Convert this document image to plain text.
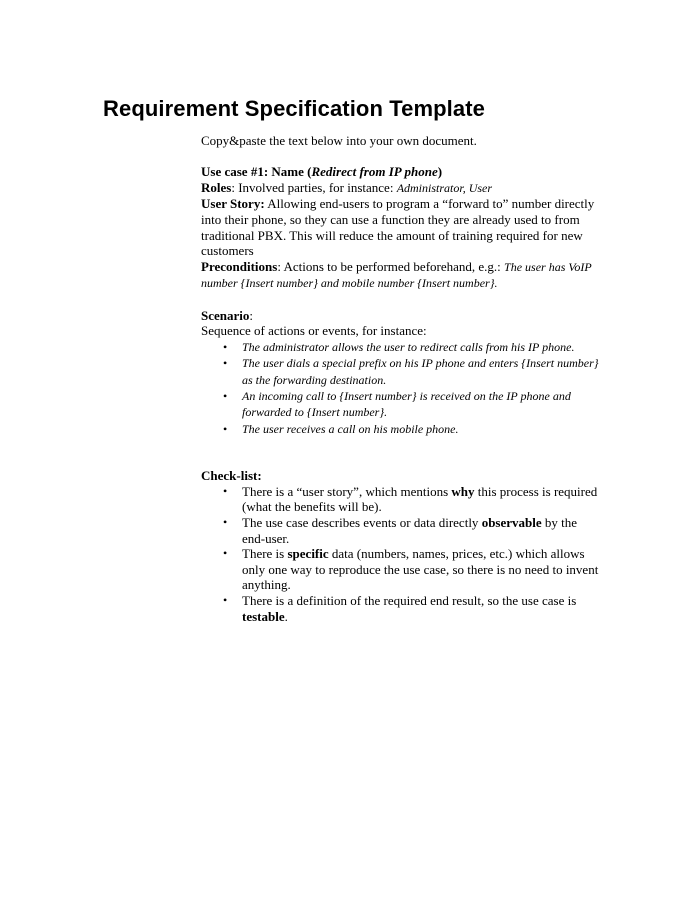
Requirement Specification Template

Copy&paste the text below into your own document.

Use case #1: Name (Redirect from IP phone)

Roles: Involved parties, for instance: Administrator, User

User Story: Allowing end-users to program a “forward to” number directly into their phone, so they can use a function they are already used to from traditional PBX. This will reduce the amount of training required for new customers

Preconditions: Actions to be performed beforehand, e.g.: The user has VoIP number {Insert number} and mobile number {Insert number}.

Scenario:

Sequence of actions or events, for instance:

• The administrator allows the user to redirect calls from his IP phone.
• The user dials a special prefix on his IP phone and enters {Insert number} as the forwarding destination.
• An incoming call to {Insert number} is received on the IP phone and forwarded to {Insert number}.
• The user receives a call on his mobile phone.

Check-list:

• There is a “user story”, which mentions why this process is required (what the benefits will be).
• The use case describes events or data directly observable by the end-user.
• There is specific data (numbers, names, prices, etc.) which allows only one way to reproduce the use case, so there is no need to invent anything.
• There is a definition of the required end result, so the use case is testable.
